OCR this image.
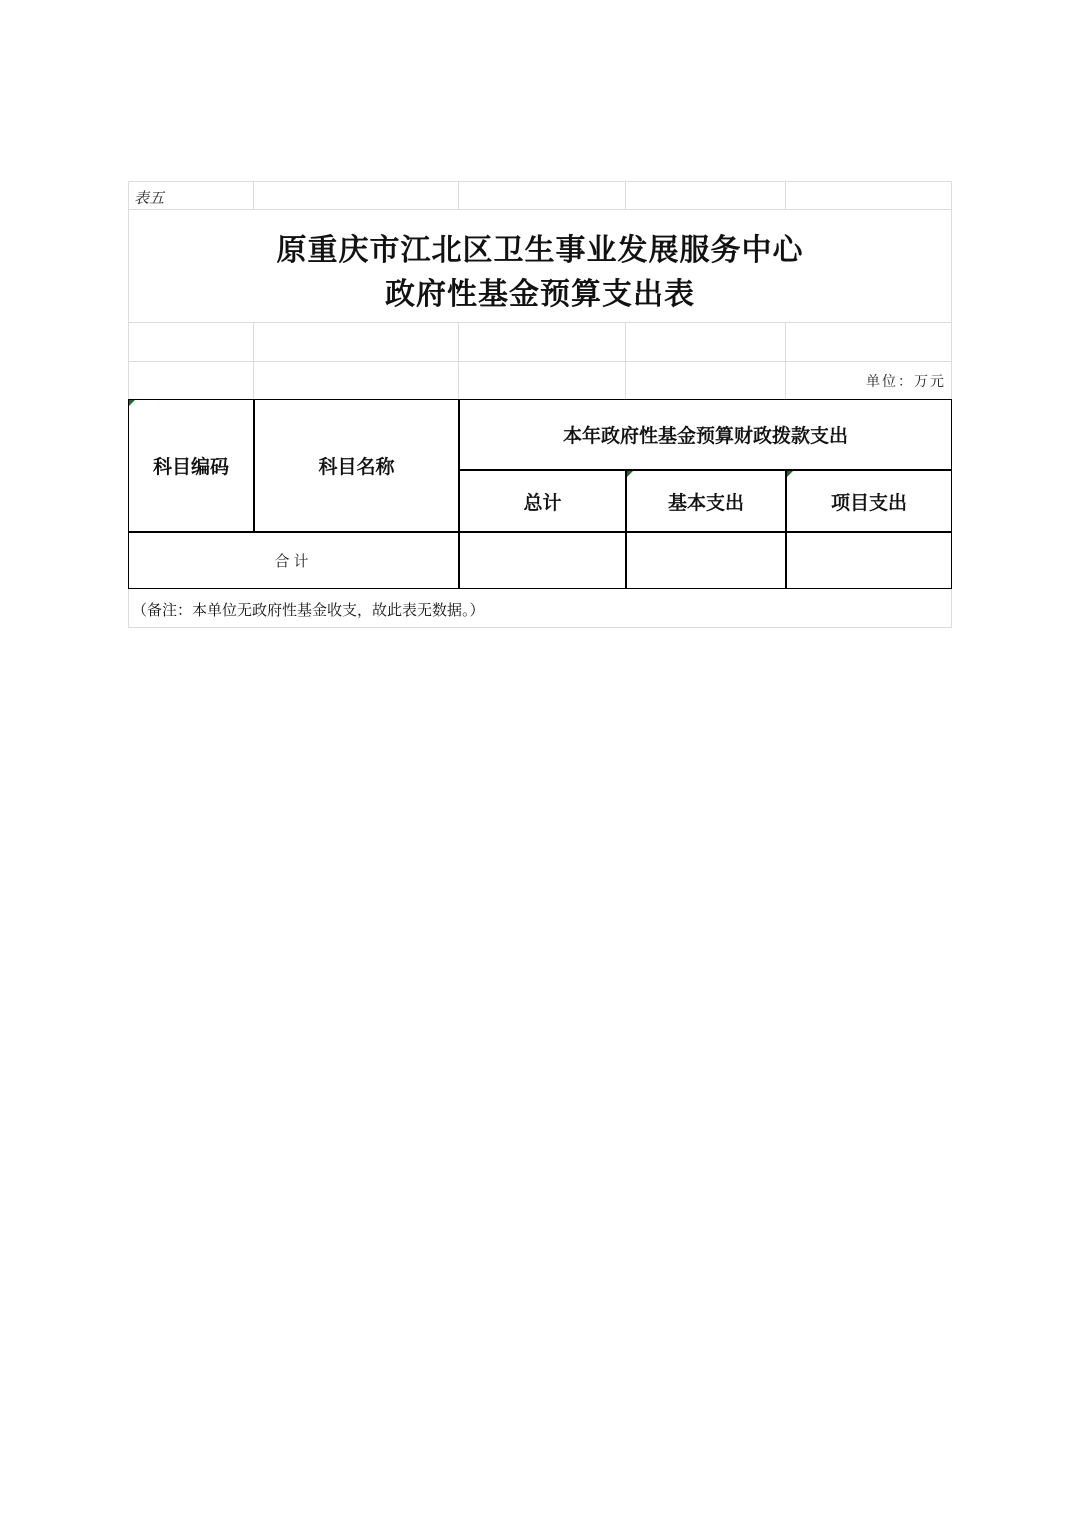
表五
原重庆市江北区卫生事业发展服务中心
政府性基金预算支出表
单位：万元
科目编码	科目名称
本年政府性基金预算财政拨款支出
总计	基本支出	项目支出
合计
（备注：本单位无政府性基金收支，故此表无数据。）
